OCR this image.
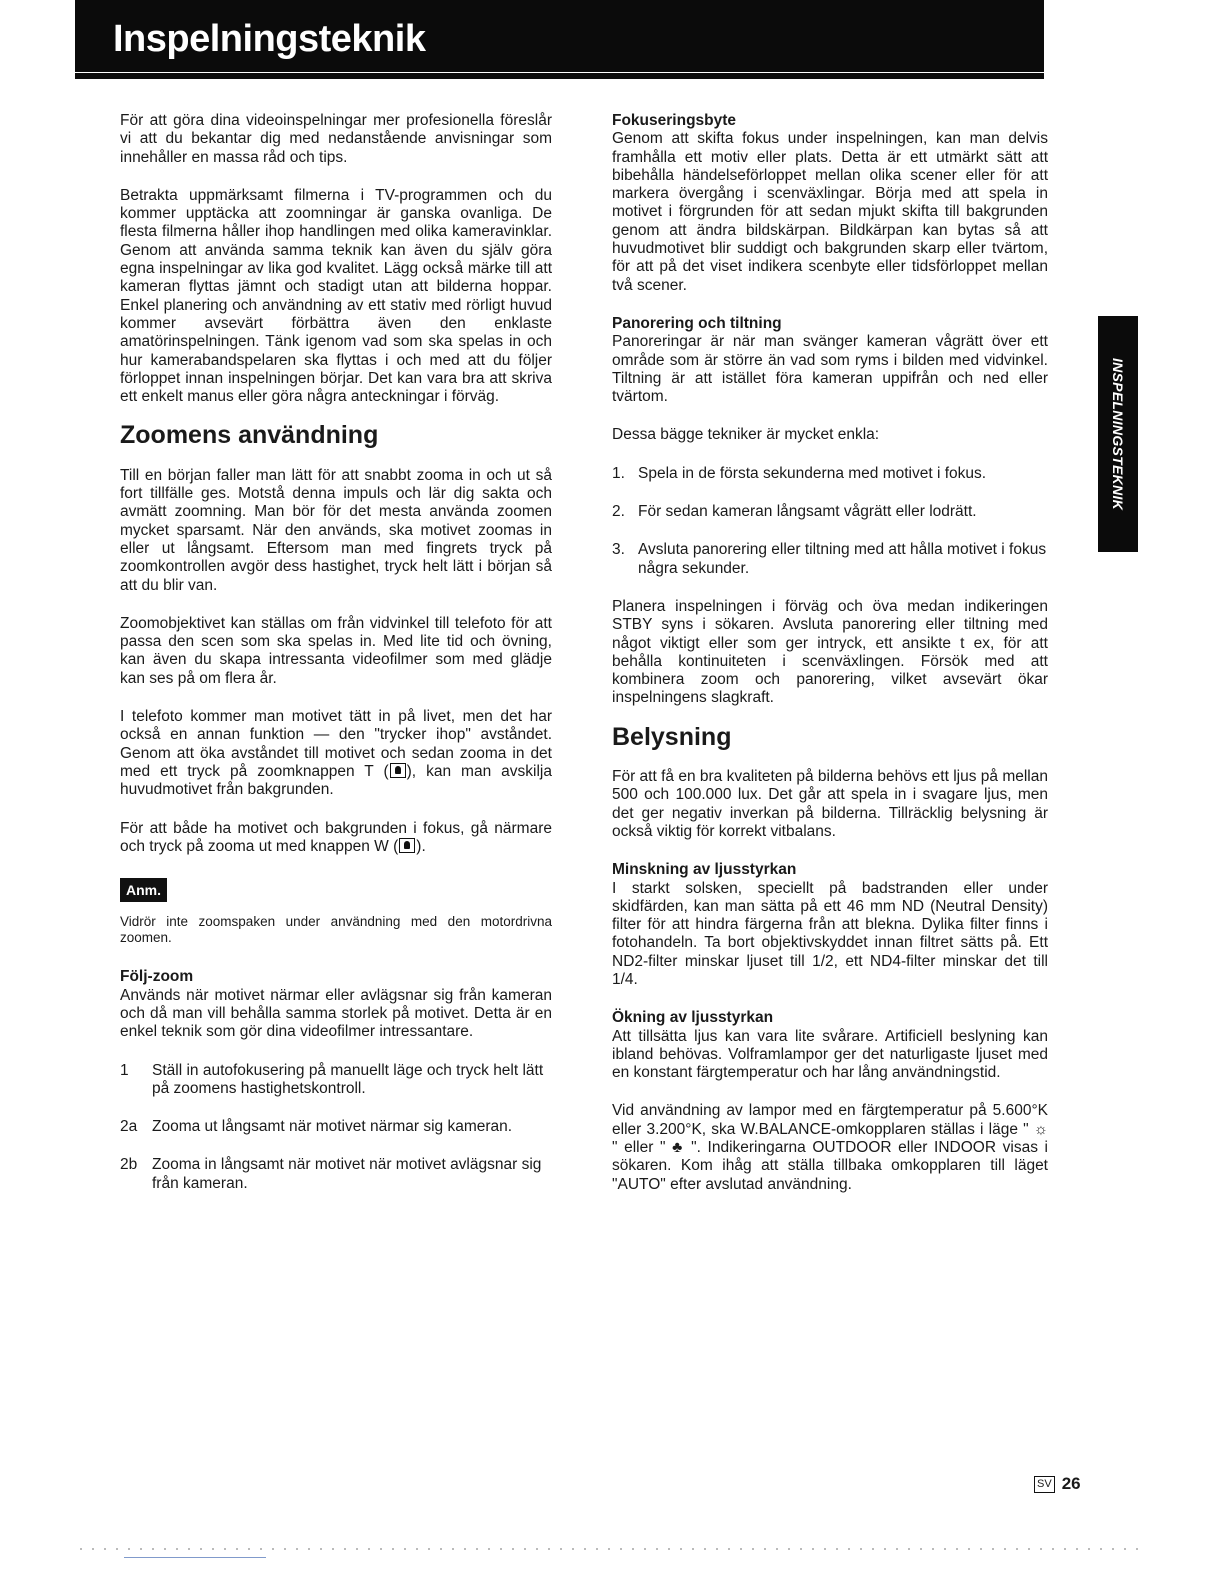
Inspelningsteknik
INSPELNINGSTEKNIK

För att göra dina videoinspelningar mer profesionella föreslår vi att du bekantar dig med nedanstående anvisningar som innehåller en massa råd och tips.

Betrakta uppmärksamt filmerna i TV-programmen och du kommer upptäcka att zoomningar är ganska ovanliga. De flesta filmerna håller ihop handlingen med olika kameravinklar. Genom att använda samma teknik kan även du själv göra egna inspelningar av lika god kvalitet. Lägg också märke till att kameran flyttas jämnt och stadigt utan att bilderna hoppar. Enkel planering och användning av ett stativ med rörligt huvud kommer avsevärt förbättra även den enklaste amatörinspelningen. Tänk igenom vad som ska spelas in och hur kamerabandspelaren ska flyttas i och med att du följer förloppet innan inspelningen börjar. Det kan vara bra att skriva ett enkelt manus eller göra några anteckningar i förväg.

Zoomens användning

Till en början faller man lätt för att snabbt zooma in och ut så fort tillfälle ges. Motstå denna impuls och lär dig sakta och avmätt zoomning. Man bör för det mesta använda zoomen mycket sparsamt. När den används, ska motivet zoomas in eller ut långsamt. Eftersom man med fingrets tryck på zoomkontrollen avgör dess hastighet, tryck helt lätt i början så att du blir van.

Zoomobjektivet kan ställas om från vidvinkel till telefoto för att passa den scen som ska spelas in. Med lite tid och övning, kan även du skapa intressanta videofilmer som med glädje kan ses på om flera år.

I telefoto kommer man motivet tätt in på livet, men det har också en annan funktion — den "trycker ihop" avståndet. Genom att öka avståndet till motivet och sedan zooma in det med ett tryck på zoomknappen T ( ), kan man avskilja huvudmotivet från bakgrunden.

För att både ha motivet och bakgrunden i fokus, gå närmare och tryck på zooma ut med knappen W ( ).

Anm.

Vidrör inte zoomspaken under användning med den motordrivna zoomen.

Följ-zoom

Används när motivet närmar eller avlägsnar sig från kameran och då man vill behålla samma storlek på motivet. Detta är en enkel teknik som gör dina videofilmer intressantare.

1	Ställ in autofokusering på manuellt läge och tryck helt lätt på zoomens hastighetskontroll.
2a Zooma ut långsamt när motivet närmar sig kameran.
2b Zooma in långsamt när motivet när motivet avlägsnar sig från kameran.
Fokuseringsbyte

Genom att skifta fokus under inspelningen, kan man delvis framhålla ett motiv eller plats. Detta är ett utmärkt sätt att bibehålla händelseförloppet mellan olika scener eller för att markera övergång i scenväxlingar. Börja med att spela in motivet i förgrunden för att sedan mjukt skifta till bakgrunden genom att ändra bildskärpan. Bildkärpan kan bytas så att huvudmotivet blir suddigt och bakgrunden skarp eller tvärtom, för att på det viset indikera scenbyte eller tidsförloppet mellan två scener.

Panorering och tiltning

Panoreringar är när man svänger kameran vågrätt över ett område som är större än vad som ryms i bilden med vidvinkel. Tiltning är att istället föra kameran uppifrån och ned eller tvärtom.

Dessa bägge tekniker är mycket enkla:

1. Spela in de första sekunderna med motivet i fokus.
2. För sedan kameran långsamt vågrätt eller lodrätt.
3. Avsluta panorering eller tiltning med att hålla motivet i fokus några sekunder.

Planera inspelningen i förväg och öva medan indikeringen STBY syns i sökaren. Avsluta panorering eller tiltning med något viktigt eller som ger intryck, ett ansikte t ex, för att behålla kontinuiteten i scenväxlingen. Försök med att kombinera zoom och panorering, vilket avsevärt ökar inspelningens slagkraft.

Belysning

För att få en bra kvaliteten på bilderna behövs ett ljus på mellan 500 och 100.000 lux. Det går att spela in i svagare ljus, men det ger negativ inverkan på bilderna. Tillräcklig belysning är också viktig för korrekt vitbalans.

Minskning av ljusstyrkan

I starkt solsken, speciellt på badstranden eller under skidfärden, kan man sätta på ett 46 mm ND (Neutral Density) filter för att hindra färgerna från att blekna. Dylika filter finns i fotohandeln. Ta bort objektivskyddet innan filtret sätts på. Ett ND2-filter minskar ljuset till 1/2, ett ND4-filter minskar det till 1/4.

Ökning av ljusstyrkan

Att tillsätta ljus kan vara lite svårare. Artificiell beslyning kan ibland behövas. Volframlampor ger det naturligaste ljuset med en konstant färgtemperatur och har lång användningstid.

Vid användning av lampor med en färgtemperatur på 5.600°K eller 3.200°K, ska W.BALANCE-omkopplaren ställas i läge " ☼ " eller " ♣ ". Indikeringarna OUTDOOR eller INDOOR visas i sökaren. Kom ihåg att ställa tillbaka omkopplaren till läget "AUTO" efter avslutad användning.

SV 26
